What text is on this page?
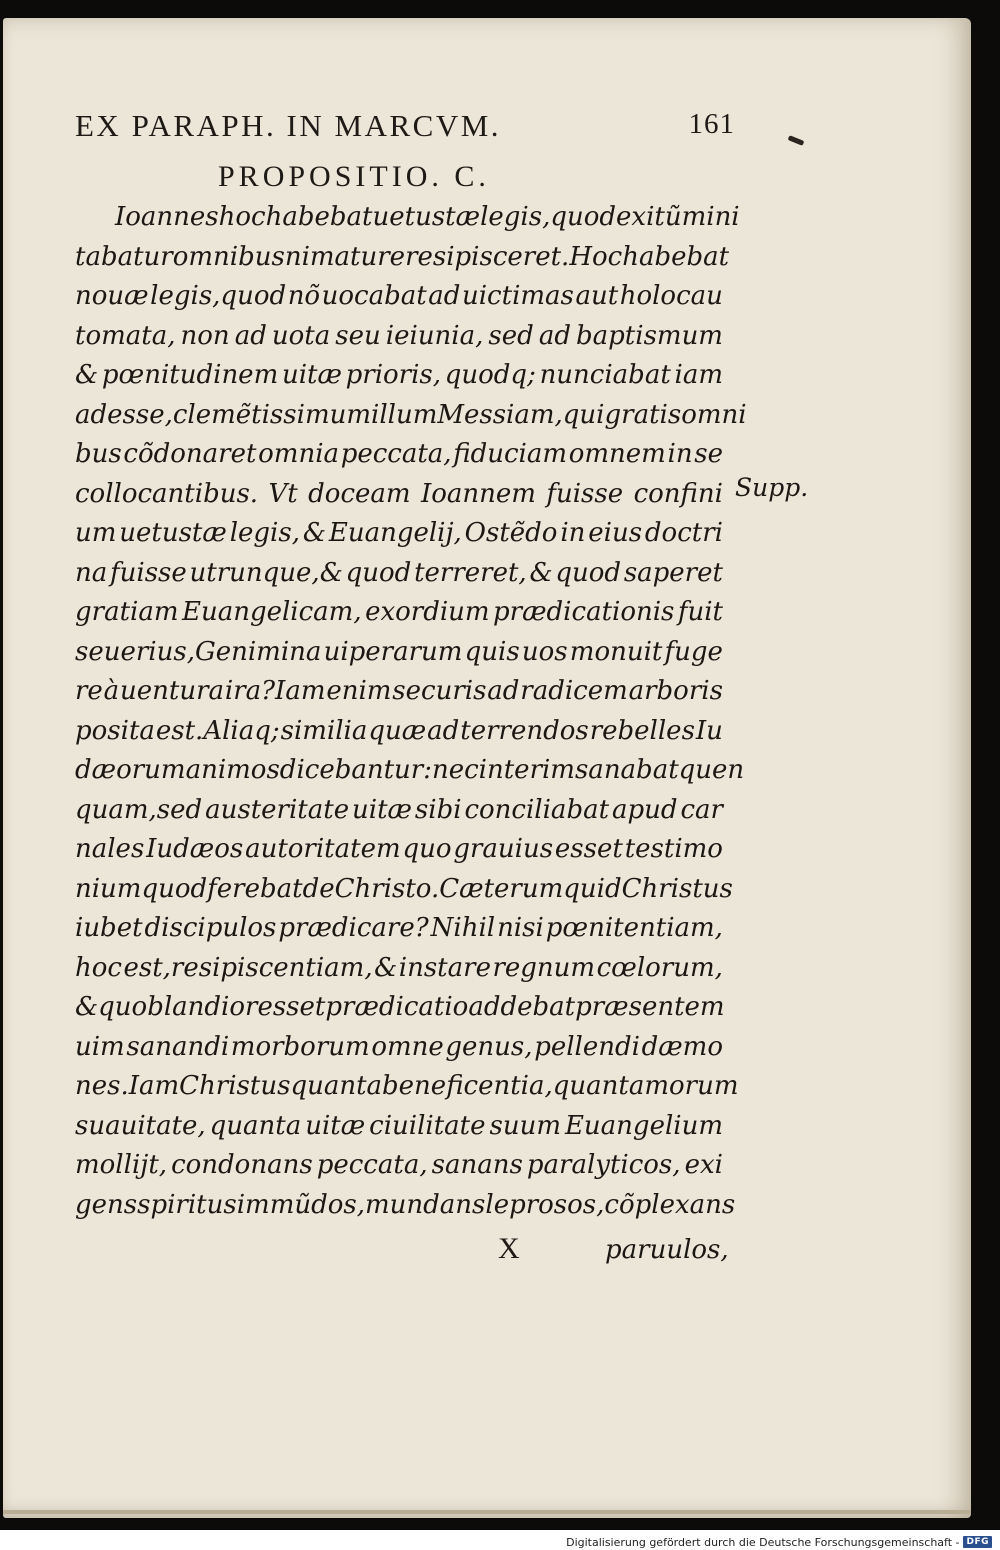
EX PARAPH. IN MARCVM.	161
PROPOSITIO. C.
Ioannes hoc habebat uetustæ legis,quod exitũ mini
tabatur omnibus ni mature resipisceret.Hoc habebat
nouæ legis,quod nõ uocabat ad uictimas aut holocau
tomata, non ad uota seu ieiunia, sed ad baptismum
& pœnitudinem uitæ prioris, quodq; nunciabat iam
adesse,clemẽtissimum illum Messiam,qui gratis omni
bus cõdonaret omnia peccata, fiduciam omnem in se
collocantibus. Vt doceam Ioannem fuisse confini
um uetustæ legis, & Euangelij, Ostẽdo in eius doctri
na fuisse utrunque,& quod terreret, & quod saperet
gratiam Euangelicam, exordium prædicationis fuit
seuerius,Genimina uiperarum quis uos monuit fuge
re à uentura ira?Iam enim securis ad radicem arboris
posita est.Aliaq; similia quæ ad terrendos rebelles Iu
dæorum animos dicebantur:nec interim sanabat quen
quam,sed austeritate uitæ sibi conciliabat apud car
nales Iudæos autoritatem quo grauius esset testimo
nium quod ferebat de Christo.Cæterum quid Christus
iubet discipulos prædicare? Nihil nisi pœnitentiam,
hoc est,resipiscentiam, & instare regnum cœlorum,
& quo blandior esset prædicatio addebat præsentem
uim sanandi morborum omne genus, pellendi dæmo
nes.Iam Christus quanta beneficentia,quanta morum
suauitate, quanta uitæ ciuilitate suum Euangelium
mollijt, condonans peccata, sanans paralyticos, exi
gens spiritus immũdos,mundans leprosos, cõplexans
Supp.
X	paruulos,
Digitalisierung gefördert durch die Deutsche Forschungsgemeinschaft - DFG
